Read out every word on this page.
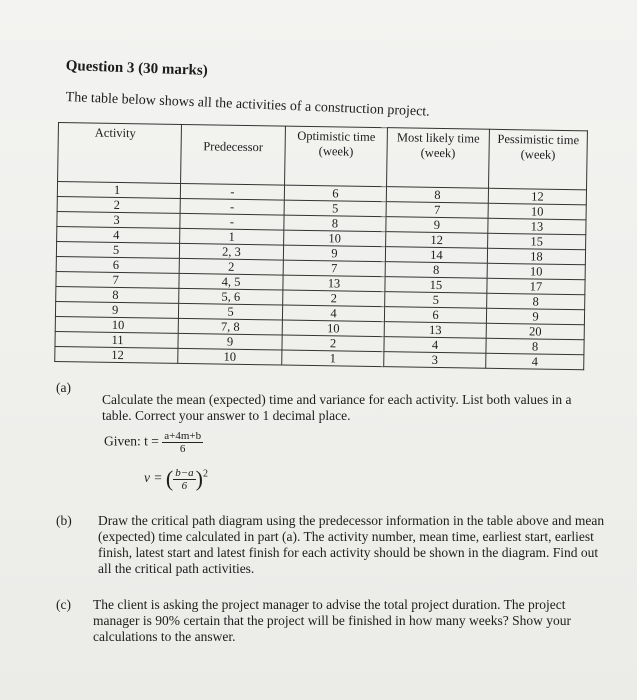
Question 3 (30 marks)
The table below shows all the activities of a construction project.
Activity	Predecessor	Optimistic time (week)	Most likely time (week)	Pessimistic time (week)
1	-	6	8	12
2	-	5	7	10
3	-	8	9	13
4	1	10	12	15
5	2, 3	9	14	18
6	2	7	8	10
7	4, 5	13	15	17
8	5, 6	2	5	8
9	5	4	6	9
10	7, 8	10	13	20
11	9	2	4	8
12	10	1	3	4
(a)
Calculate the mean (expected) time and variance for each activity. List both values in a table. Correct your answer to 1 decimal place.
Given: $t = \frac{a+4m+b}{6}$
v = ( $\frac{b-a}{6} )^2$
(b) Draw the critical path diagram using the predecessor information in the table above and mean (expected) time calculated in part (a). The activity number, mean time, earliest start, earliest finish, latest start and latest finish for each activity should be shown in the diagram. Find out all the critical path activities.
(c) The client is asking the project manager to advise the total project duration. The project manager is 90% certain that the project will be finished in how many weeks? Show your calculations to the answer.
